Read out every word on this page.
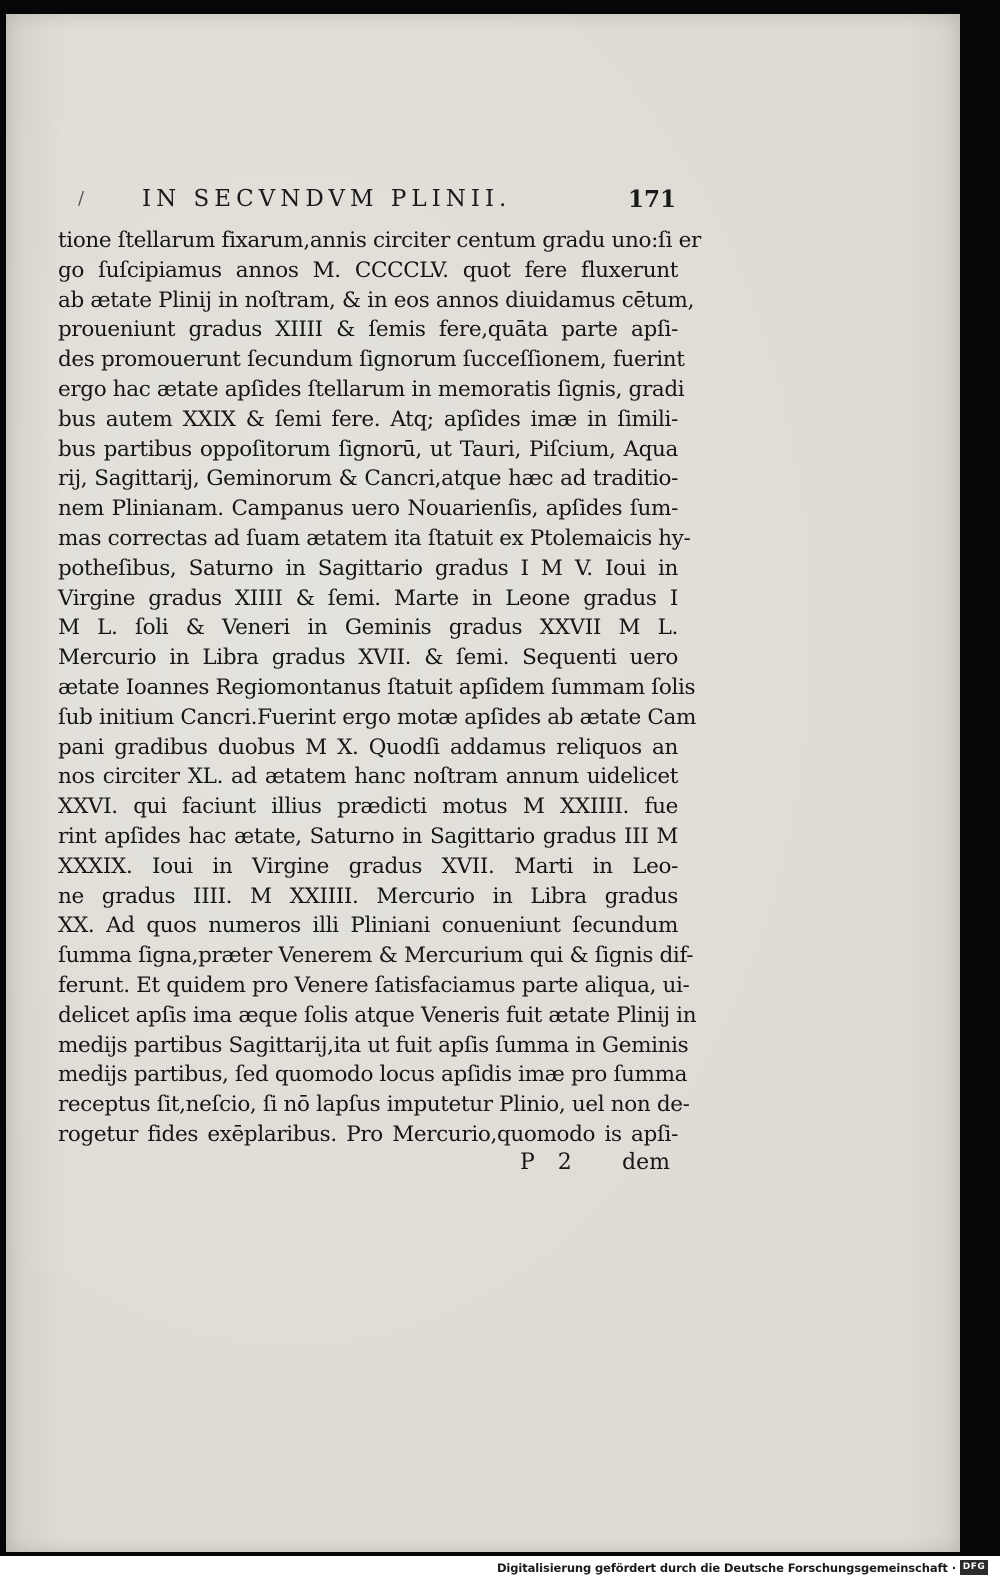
/	IN SECVNDVM PLINII.	171
tione ſtellarum fixarum,annis circiter centum gradu uno:ſi er
go ſuſcipiamus annos M. CCCCLV. quot fere fluxerunt
ab ætate Plinij in noſtram, & in eos annos diuidamus cētum,
proueniunt gradus XIIII & ſemis fere,quāta parte apſi-
des promouerunt ſecundum ſignorum ſucceſſionem, fuerint
ergo hac ætate apſides ſtellarum in memoratis ſignis, gradi
bus autem XXIX & ſemi fere. Atq; apſides imæ in ſimili-
bus partibus oppoſitorum ſignorū, ut Tauri, Piſcium, Aqua
rij, Sagittarij, Geminorum & Cancri,atque hæc ad traditio-
nem Plinianam. Campanus uero Nouarienſis, apſides ſum-
mas correctas ad ſuam ætatem ita ſtatuit ex Ptolemaicis hy-
potheſibus, Saturno in Sagittario gradus I M V. Ioui in
Virgine gradus XIIII & ſemi. Marte in Leone gradus I
M L. ſoli & Veneri in Geminis gradus XXVII M L.
Mercurio in Libra gradus XVII. & ſemi. Sequenti uero
ætate Ioannes Regiomontanus ſtatuit apſidem ſummam ſolis
ſub initium Cancri.Fuerint ergo motæ apſides ab ætate Cam
pani gradibus duobus M X. Quodſi addamus reliquos an
nos circiter XL. ad ætatem hanc noſtram annum uidelicet
XXVI. qui faciunt illius prædicti motus M XXIIII. fue
rint apſides hac ætate, Saturno in Sagittario gradus III M
XXXIX. Ioui in Virgine gradus XVII. Marti in Leo-
ne gradus IIII. M XXIIII. Mercurio in Libra gradus
XX. Ad quos numeros illi Pliniani conueniunt ſecundum
ſumma ſigna,præter Venerem & Mercurium qui & ſignis dif-
ferunt. Et quidem pro Venere ſatisfaciamus parte aliqua, ui-
delicet apſis ima æque ſolis atque Veneris fuit ætate Plinij in
medijs partibus Sagittarij,ita ut fuit apſis ſumma in Geminis
medijs partibus, ſed quomodo locus apſidis imæ pro ſumma
receptus ſit,neſcio, ſi nō lapſus imputetur Plinio, uel non de-
rogetur fides exēplaribus. Pro Mercurio,quomodo is apſi-
P 2 dem
Digitalisierung gefördert durch die Deutsche Forschungsgemeinschaft · DFG
